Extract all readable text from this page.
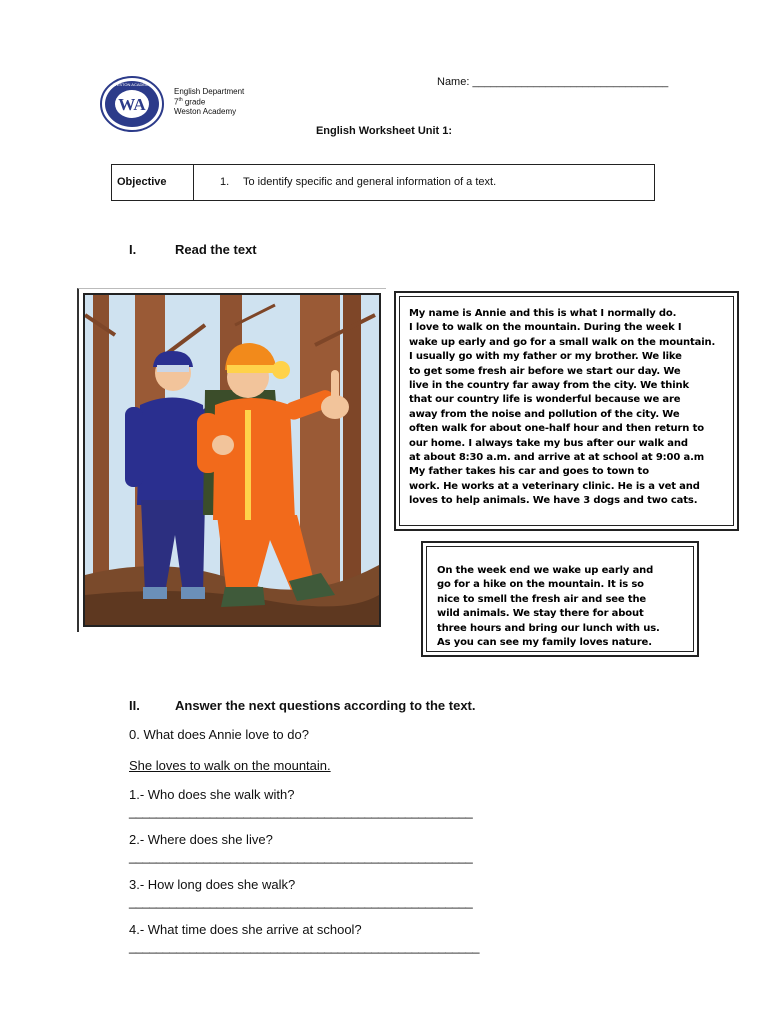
WA
WESTON ACADEMY
English Department
7th grade
Weston Academy
Name: ________________________________
English Worksheet Unit 1:
Objective	1. To identify specific and general information of a text.
I.	Read the text
My name is Annie and this is what I normally do.
I love to walk on the mountain. During the week I
wake up early and go for a small walk on the mountain.
I usually go with my father or my brother. We like
to get some fresh air before we start our day. We
live in the country far away from the city. We think
that our country life is wonderful because we are
away from the noise and pollution of the city. We
often walk for about one-half hour and then return to
our home. I always take my bus after our walk and
at about 8:30 a.m. and arrive at at school at 9:00 a.m
My father takes his car and goes to town to
work. He works at a veterinary clinic. He is a vet and
loves to help animals. We have 3 dogs and two cats.
On the week end we wake up early and
go for a hike on the mountain. It is so
nice to smell the fresh air and see the
wild animals. We stay there for about
three hours and bring our lunch with us.
As you can see my family loves nature.
II.	Answer the next questions according to the text.
0. What does Annie love to do?
She loves to walk on the mountain.
1.- Who does she walk with?
___________________________________________________
2.- Where does she live?
___________________________________________________
3.- How long does she walk?
___________________________________________________
4.- What time does she arrive at school?
____________________________________________________
